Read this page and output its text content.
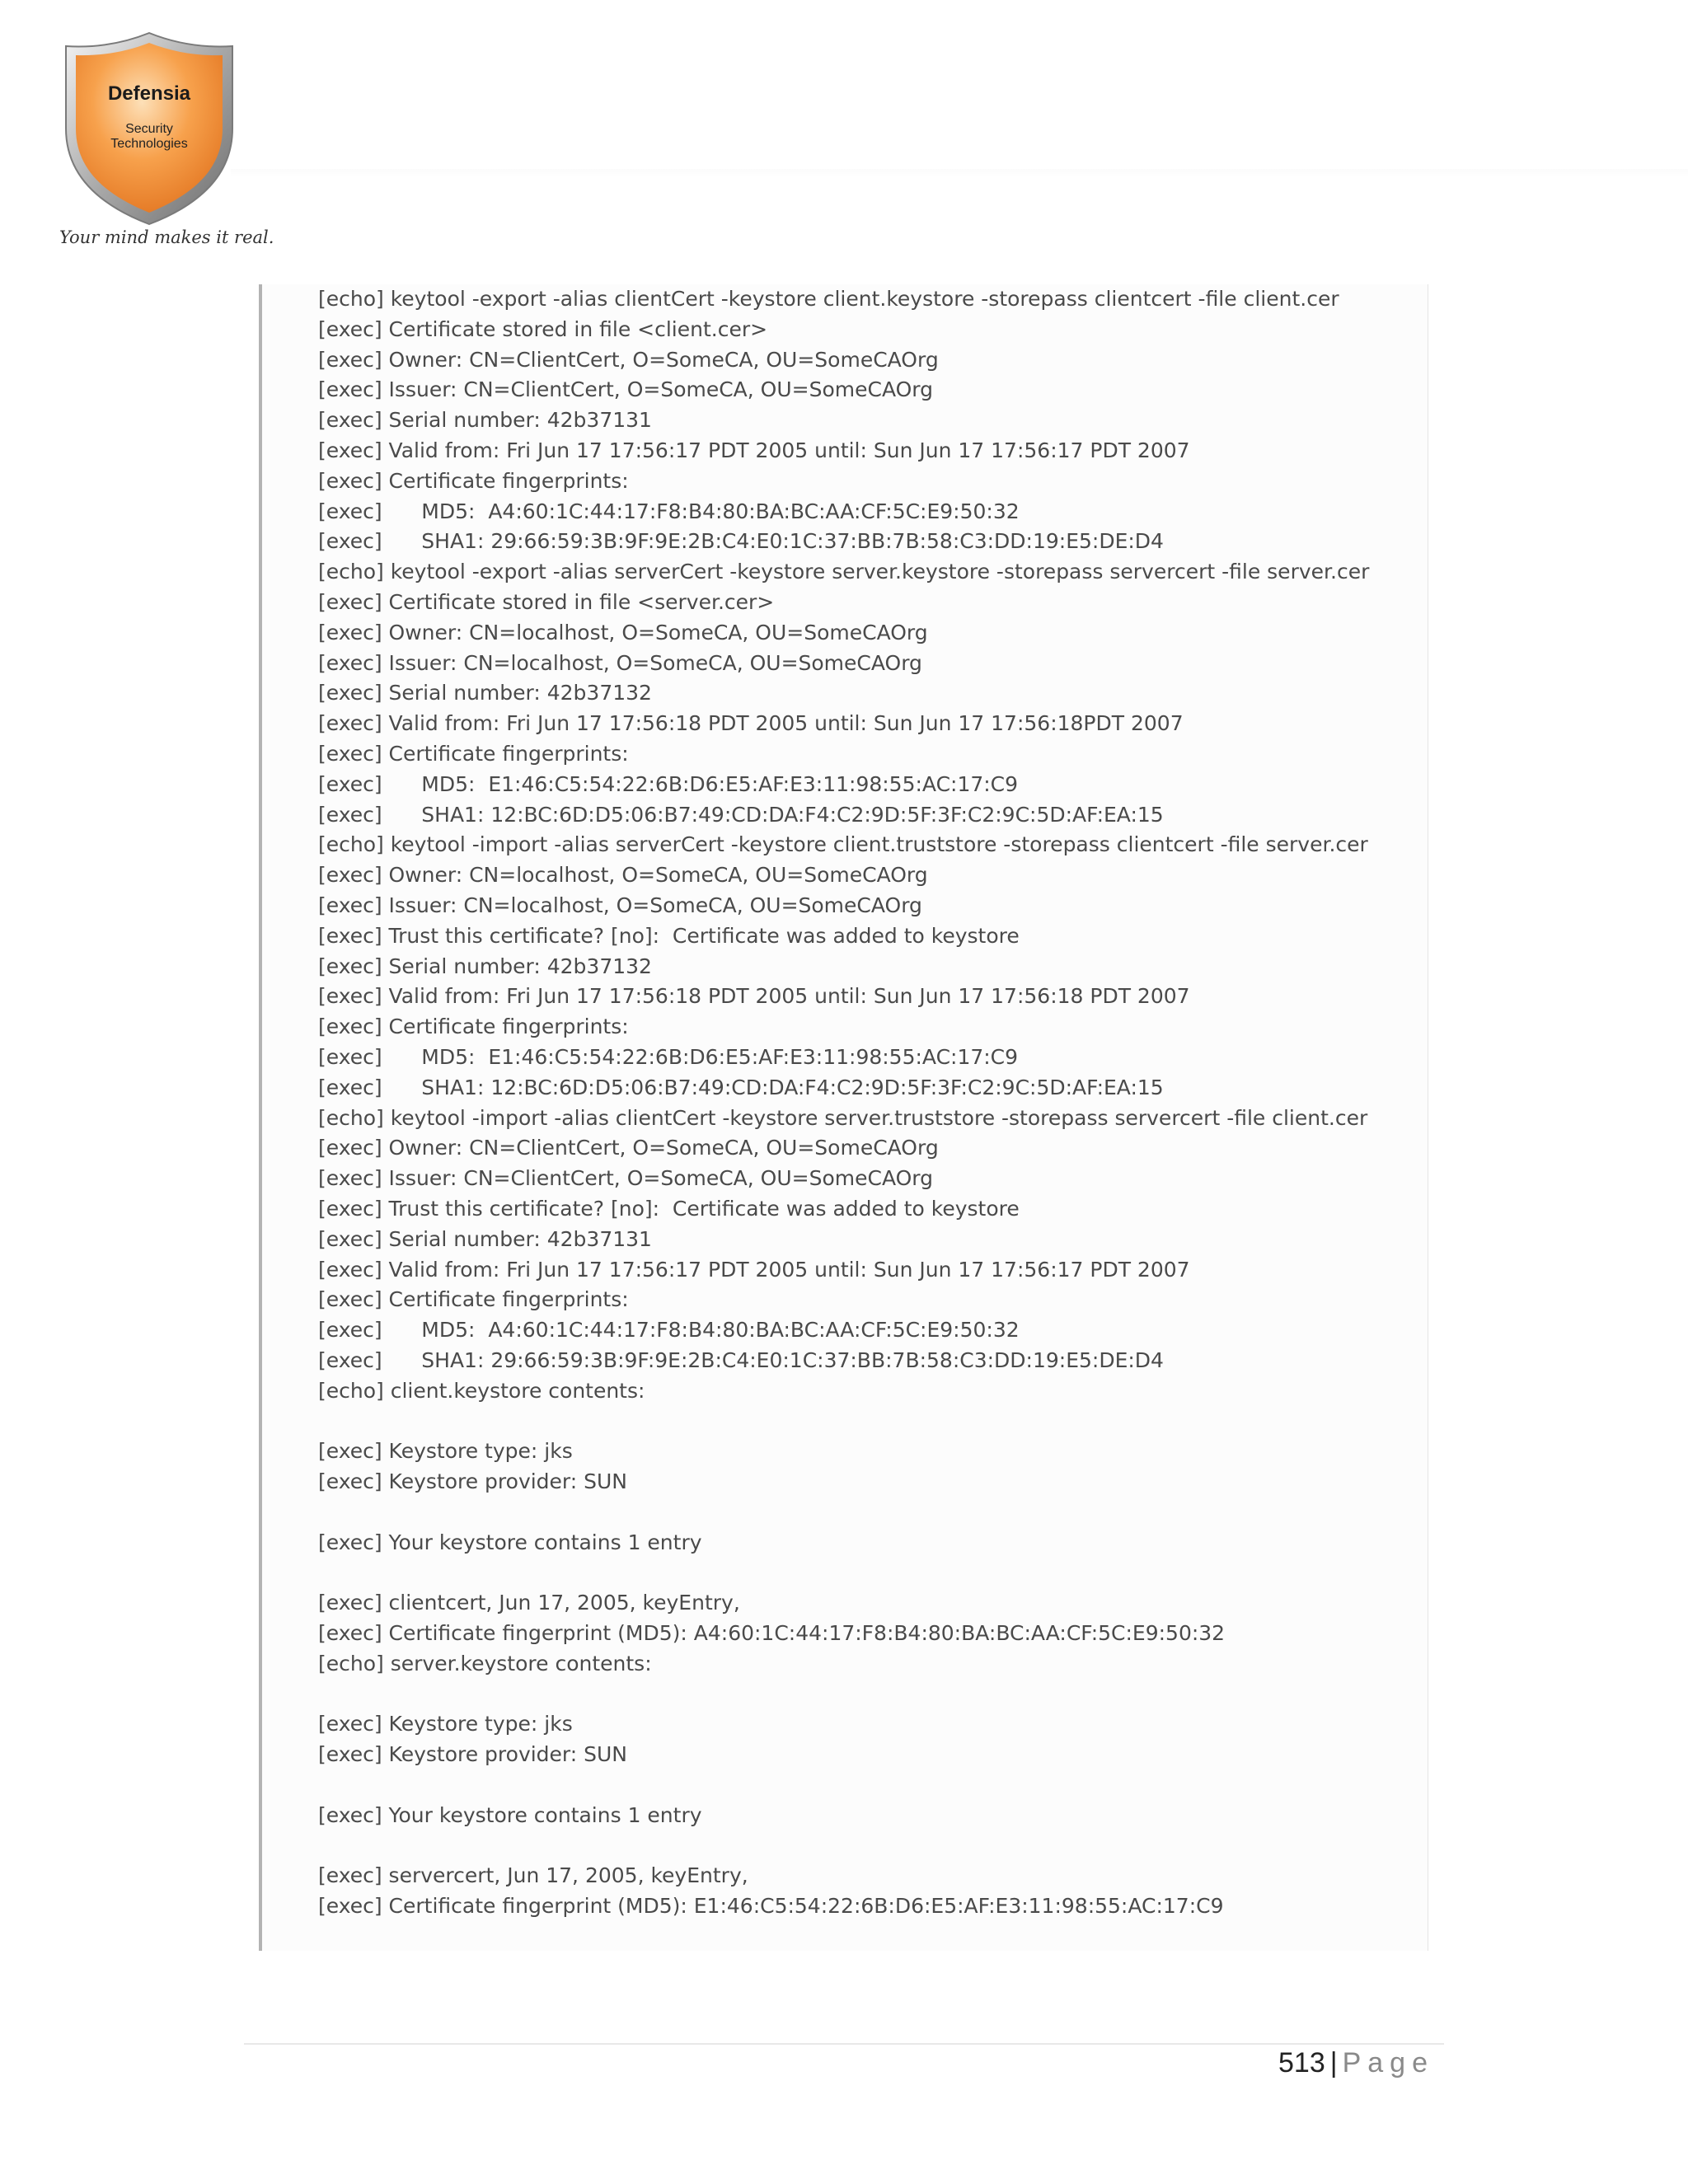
Defensia
Security
Technologies
Your mind makes it real.
[echo] keytool -export -alias clientCert -keystore client.keystore -storepass clientcert -file client.cer
[exec] Certificate stored in file <client.cer>
[exec] Owner: CN=ClientCert, O=SomeCA, OU=SomeCAOrg
[exec] Issuer: CN=ClientCert, O=SomeCA, OU=SomeCAOrg
[exec] Serial number: 42b37131
[exec] Valid from: Fri Jun 17 17:56:17 PDT 2005 until: Sun Jun 17 17:56:17 PDT 2007
[exec] Certificate fingerprints:
[exec]      MD5:  A4:60:1C:44:17:F8:B4:80:BA:BC:AA:CF:5C:E9:50:32
[exec]      SHA1: 29:66:59:3B:9F:9E:2B:C4:E0:1C:37:BB:7B:58:C3:DD:19:E5:DE:D4
[echo] keytool -export -alias serverCert -keystore server.keystore -storepass servercert -file server.cer
[exec] Certificate stored in file <server.cer>
[exec] Owner: CN=localhost, O=SomeCA, OU=SomeCAOrg
[exec] Issuer: CN=localhost, O=SomeCA, OU=SomeCAOrg
[exec] Serial number: 42b37132
[exec] Valid from: Fri Jun 17 17:56:18 PDT 2005 until: Sun Jun 17 17:56:18PDT 2007
[exec] Certificate fingerprints:
[exec]      MD5:  E1:46:C5:54:22:6B:D6:E5:AF:E3:11:98:55:AC:17:C9
[exec]      SHA1: 12:BC:6D:D5:06:B7:49:CD:DA:F4:C2:9D:5F:3F:C2:9C:5D:AF:EA:15
[echo] keytool -import -alias serverCert -keystore client.truststore -storepass clientcert -file server.cer
[exec] Owner: CN=localhost, O=SomeCA, OU=SomeCAOrg
[exec] Issuer: CN=localhost, O=SomeCA, OU=SomeCAOrg
[exec] Trust this certificate? [no]:  Certificate was added to keystore
[exec] Serial number: 42b37132
[exec] Valid from: Fri Jun 17 17:56:18 PDT 2005 until: Sun Jun 17 17:56:18 PDT 2007
[exec] Certificate fingerprints:
[exec]      MD5:  E1:46:C5:54:22:6B:D6:E5:AF:E3:11:98:55:AC:17:C9
[exec]      SHA1: 12:BC:6D:D5:06:B7:49:CD:DA:F4:C2:9D:5F:3F:C2:9C:5D:AF:EA:15
[echo] keytool -import -alias clientCert -keystore server.truststore -storepass servercert -file client.cer
[exec] Owner: CN=ClientCert, O=SomeCA, OU=SomeCAOrg
[exec] Issuer: CN=ClientCert, O=SomeCA, OU=SomeCAOrg
[exec] Trust this certificate? [no]:  Certificate was added to keystore
[exec] Serial number: 42b37131
[exec] Valid from: Fri Jun 17 17:56:17 PDT 2005 until: Sun Jun 17 17:56:17 PDT 2007
[exec] Certificate fingerprints:
[exec]      MD5:  A4:60:1C:44:17:F8:B4:80:BA:BC:AA:CF:5C:E9:50:32
[exec]      SHA1: 29:66:59:3B:9F:9E:2B:C4:E0:1C:37:BB:7B:58:C3:DD:19:E5:DE:D4
[echo] client.keystore contents:
[exec] Keystore type: jks
[exec] Keystore provider: SUN
[exec] Your keystore contains 1 entry
[exec] clientcert, Jun 17, 2005, keyEntry,
[exec] Certificate fingerprint (MD5): A4:60:1C:44:17:F8:B4:80:BA:BC:AA:CF:5C:E9:50:32
[echo] server.keystore contents:
[exec] Keystore type: jks
[exec] Keystore provider: SUN
[exec] Your keystore contains 1 entry
[exec] servercert, Jun 17, 2005, keyEntry,
[exec] Certificate fingerprint (MD5): E1:46:C5:54:22:6B:D6:E5:AF:E3:11:98:55:AC:17:C9
513 | Page
